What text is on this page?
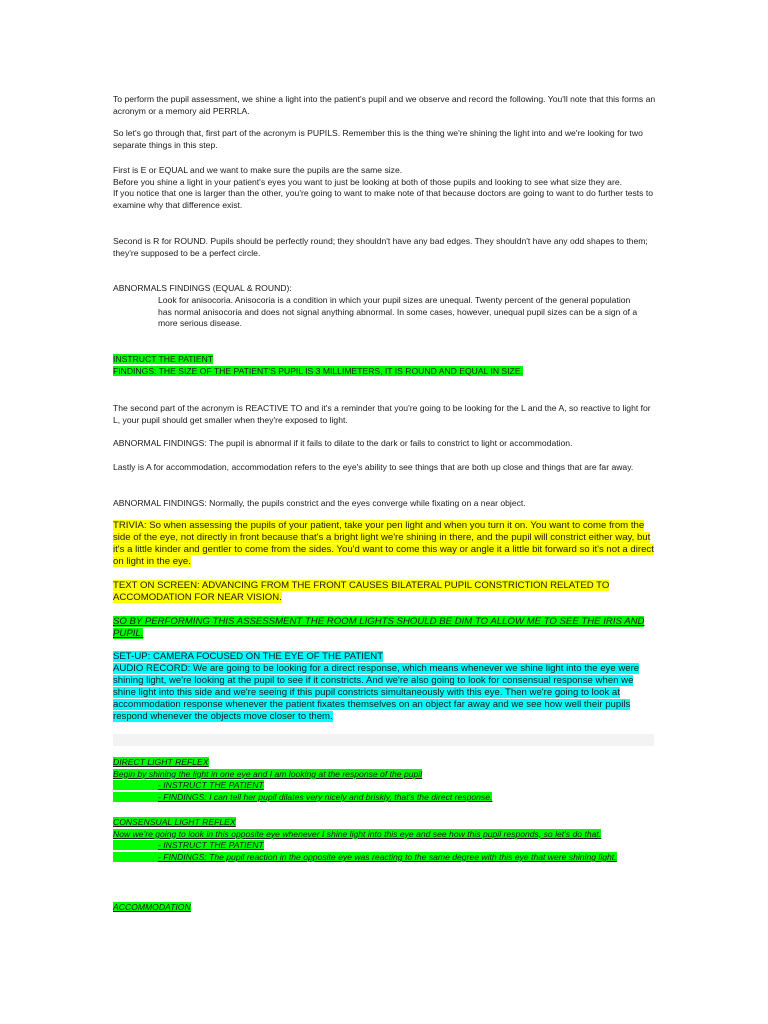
To perform the pupil assessment, we shine a light into the patient's pupil and we observe and record the following. You'll note that this forms an acronym or a memory aid PERRLA.

So let's go through that, first part of the acronym is PUPILS. Remember this is the thing we're shining the light into and we're looking for two separate things in this step.

First is E or EQUAL and we want to make sure the pupils are the same size.
Before you shine a light in your patient's eyes you want to just be looking at both of those pupils and looking to see what size they are.
If you notice that one is larger than the other, you're going to want to make note of that because doctors are going to want to do further tests to examine why that difference exist.

Second is R for ROUND. Pupils should be perfectly round; they shouldn't have any bad edges. They shouldn't have any odd shapes to them; they're supposed to be a perfect circle.

ABNORMALS FINDINGS (EQUAL & ROUND):
Look for anisocoria. Anisocoria is a condition in which your pupil sizes are unequal. Twenty percent of the general population has normal anisocoria and does not signal anything abnormal. In some cases, however, unequal pupil sizes can be a sign of a more serious disease.
INSTRUCT THE PATIENT
FINDINGS: THE SIZE OF THE PATIENT'S PUPIL IS 3 MILLIMETERS, IT IS ROUND AND EQUAL IN SIZE.

The second part of the acronym is REACTIVE TO and it's a reminder that you're going to be looking for the L and the A, so reactive to light for L, your pupil should get smaller when they're exposed to light.

ABNORMAL FINDINGS: The pupil is abnormal if it fails to dilate to the dark or fails to constrict to light or accommodation.

Lastly is A for accommodation, accommodation refers to the eye's ability to see things that are both up close and things that are far away.

ABNORMAL FINDINGS: Normally, the pupils constrict and the eyes converge while fixating on a near object.

TRIVIA: So when assessing the pupils of your patient, take your pen light and when you turn it on. You want to come from the side of the eye, not directly in front because that's a bright light we're shining in there, and the pupil will constrict either way, but it's a little kinder and gentler to come from the sides. You'd want to come this way or angle it a little bit forward so it's not a direct on light in the eye.
TEXT ON SCREEN: ADVANCING FROM THE FRONT CAUSES BILATERAL PUPIL CONSTRICTION RELATED TO ACCOMODATION FOR NEAR VISION.
SO BY PERFORMING THIS ASSESSMENT THE ROOM LIGHTS SHOULD BE DIM TO ALLOW ME TO SEE THE IRIS AND PUPIL.
SET-UP: CAMERA FOCUSED ON THE EYE OF THE PATIENT
AUDIO RECORD: We are going to be looking for a direct response, which means whenever we shine light into the eye were shining light, we're looking at the pupil to see if it constricts. And we're also going to look for consensual response when we shine light into this side and we're seeing if this pupil constricts simultaneously with this eye. Then we're going to look at accommodation response whenever the patient fixates themselves on an object far away and we see how well their pupils respond whenever the objects move closer to them.
DIRECT LIGHT REFLEX
Begin by shining the light in one eye and I am looking at the response of the pupil
- INSTRUCT THE PATIENT
- FINDINGS: I can tell her pupil dilates very nicely and briskly, that's the direct response.
CONSENSUAL LIGHT REFLEX
Now we're going to look in this opposite eye whenever I shine light into this eye and see how this pupil responds, so let's do that.
- INSTRUCT THE PATIENT
- FINDINGS: The pupil reaction in the opposite eye was reacting to the same degree with this eye that were shining light.
ACCOMMODATION
